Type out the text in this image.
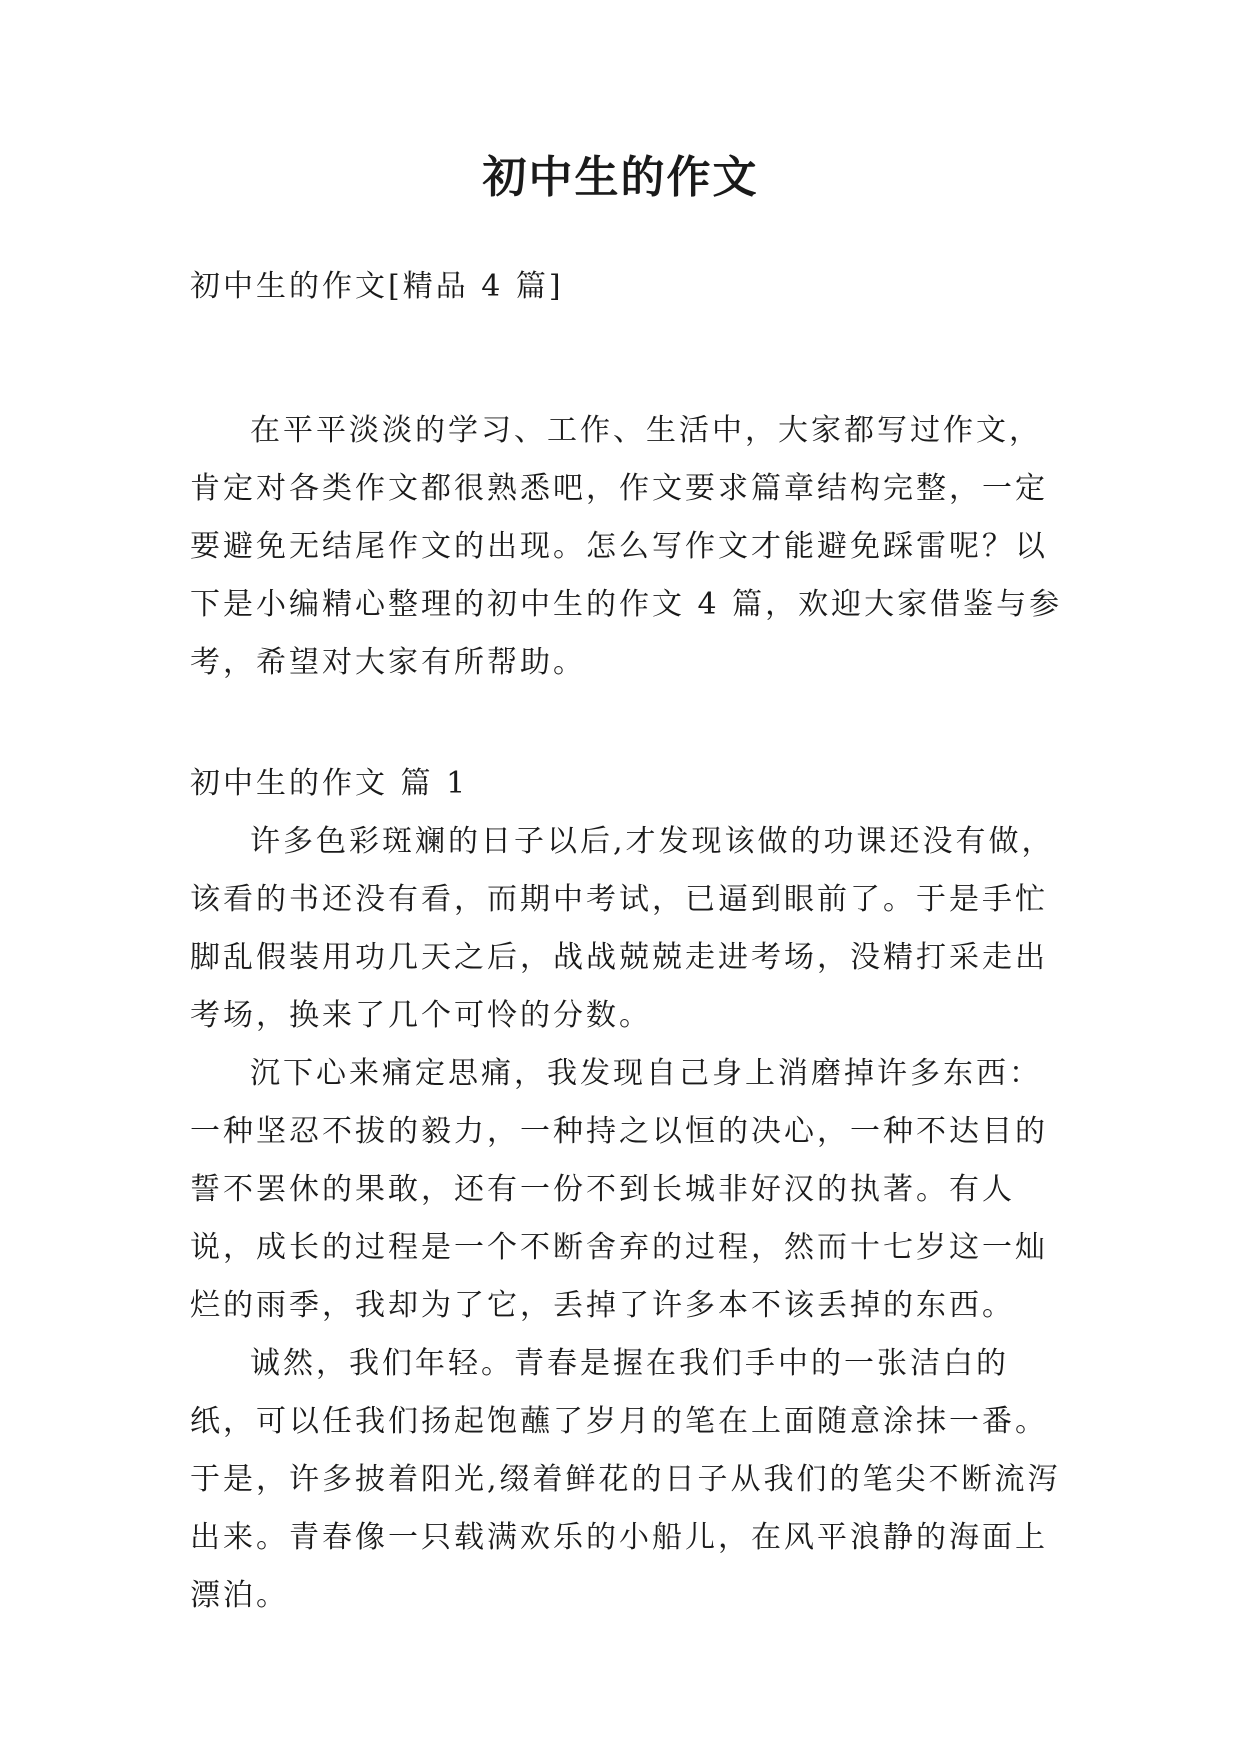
初中生的作文
初中生的作文[精品 4 篇]

在平平淡淡的学习、工作、生活中，大家都写过作文，肯定对各类作文都很熟悉吧，作文要求篇章结构完整，一定要避免无结尾作文的出现。怎么写作文才能避免踩雷呢？以下是小编精心整理的初中生的作文 4 篇，欢迎大家借鉴与参考，希望对大家有所帮助。

初中生的作文 篇 1

许多色彩斑斓的日子以后,才发现该做的功课还没有做，该看的书还没有看，而期中考试，已逼到眼前了。于是手忙脚乱假装用功几天之后，战战兢兢走进考场，没精打采走出考场，换来了几个可怜的分数。

沉下心来痛定思痛，我发现自己身上消磨掉许多东西：一种坚忍不拔的毅力，一种持之以恒的决心，一种不达目的誓不罢休的果敢，还有一份不到长城非好汉的执著。有人说，成长的过程是一个不断舍弃的过程，然而十七岁这一灿烂的雨季，我却为了它，丢掉了许多本不该丢掉的东西。

诚然，我们年轻。青春是握在我们手中的一张洁白的纸，可以任我们扬起饱蘸了岁月的笔在上面随意涂抹一番。于是，许多披着阳光,缀着鲜花的日子从我们的笔尖不断流泻出来。青春像一只载满欢乐的小船儿，在风平浪静的海面上漂泊。
